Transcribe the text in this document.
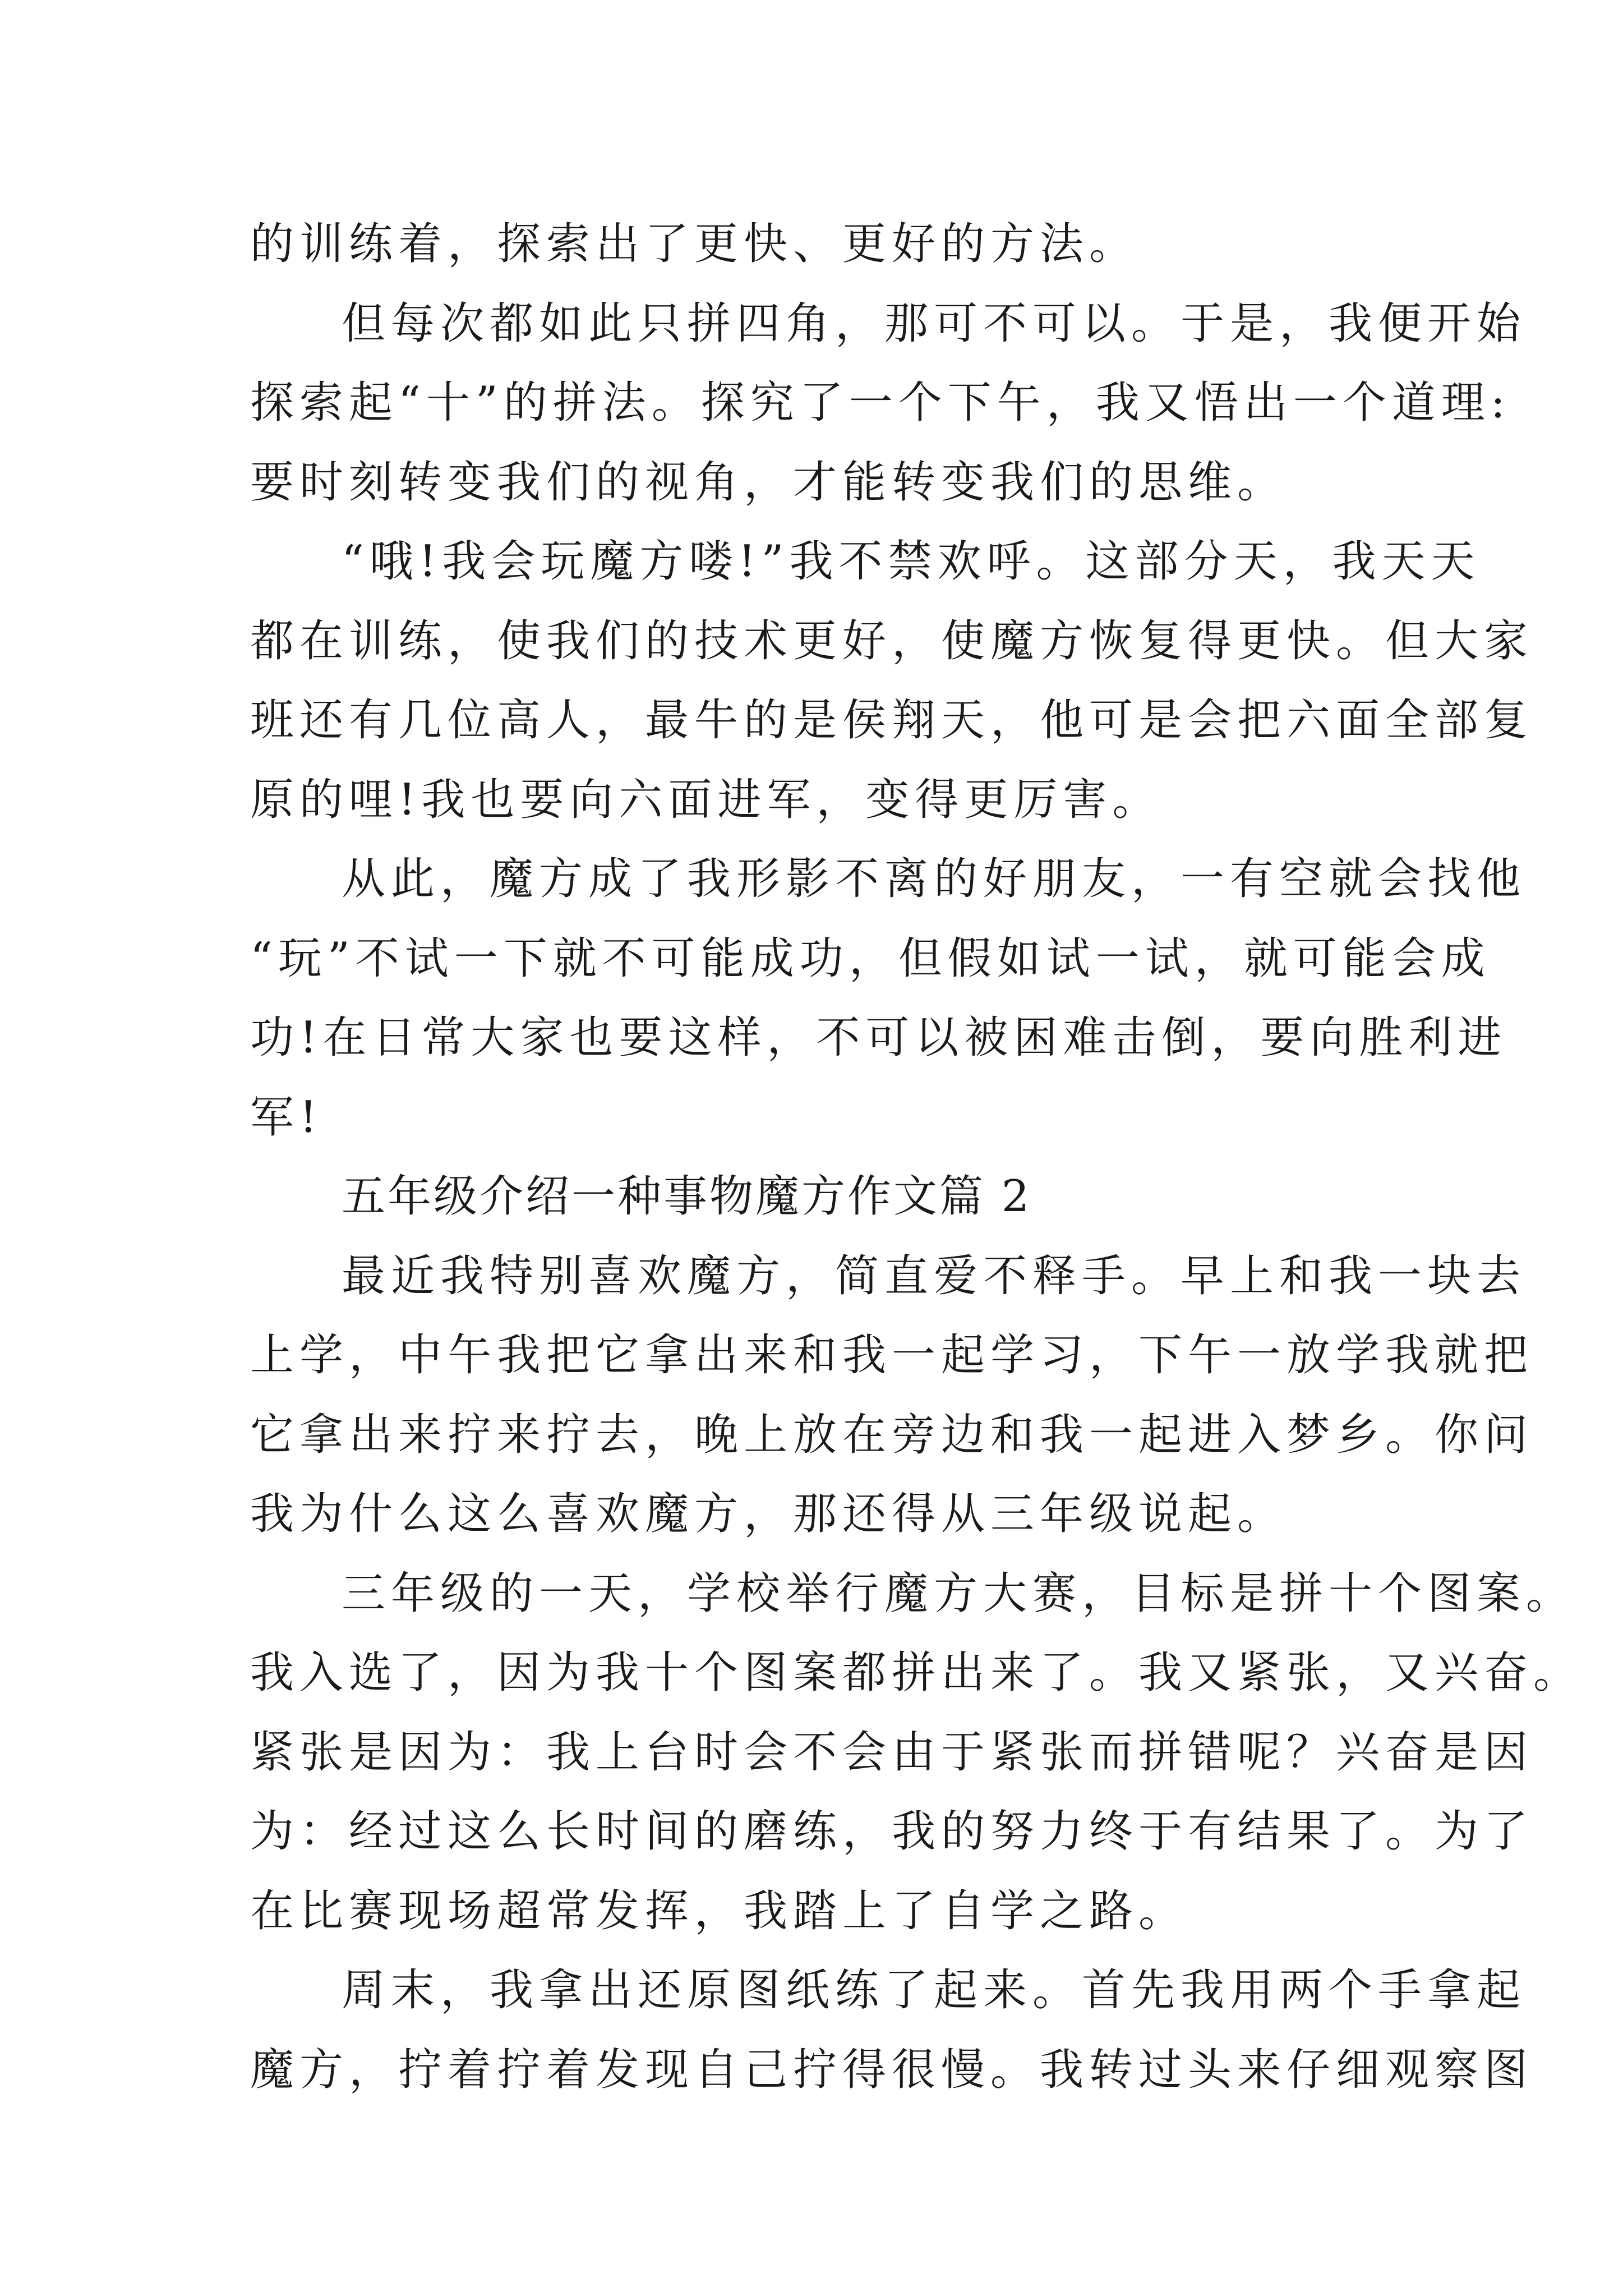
的训练着，探索出了更快、更好的方法。
但每次都如此只拼四角，那可不可以。于是，我便开始
探索起“十”的拼法。探究了一个下午，我又悟出一个道理:
要时刻转变我们的视角，才能转变我们的思维。
“哦!我会玩魔方喽!”我不禁欢呼。这部分天，我天天
都在训练，使我们的技术更好，使魔方恢复得更快。但大家
班还有几位高人，最牛的是侯翔天，他可是会把六面全部复
原的哩!我也要向六面进军，变得更厉害。
从此，魔方成了我形影不离的好朋友，一有空就会找他
“玩”不试一下就不可能成功，但假如试一试，就可能会成
功!在日常大家也要这样，不可以被困难击倒，要向胜利进
军!
五年级介绍一种事物魔方作文篇 2
最近我特别喜欢魔方，简直爱不释手。早上和我一块去
上学，中午我把它拿出来和我一起学习，下午一放学我就把
它拿出来拧来拧去，晚上放在旁边和我一起进入梦乡。你问
我为什么这么喜欢魔方，那还得从三年级说起。
三年级的一天，学校举行魔方大赛，目标是拼十个图案。
我入选了，因为我十个图案都拼出来了。我又紧张，又兴奋。
紧张是因为：我上台时会不会由于紧张而拼错呢？兴奋是因
为：经过这么长时间的磨练，我的努力终于有结果了。为了
在比赛现场超常发挥，我踏上了自学之路。
周末，我拿出还原图纸练了起来。首先我用两个手拿起
魔方，拧着拧着发现自己拧得很慢。我转过头来仔细观察图
